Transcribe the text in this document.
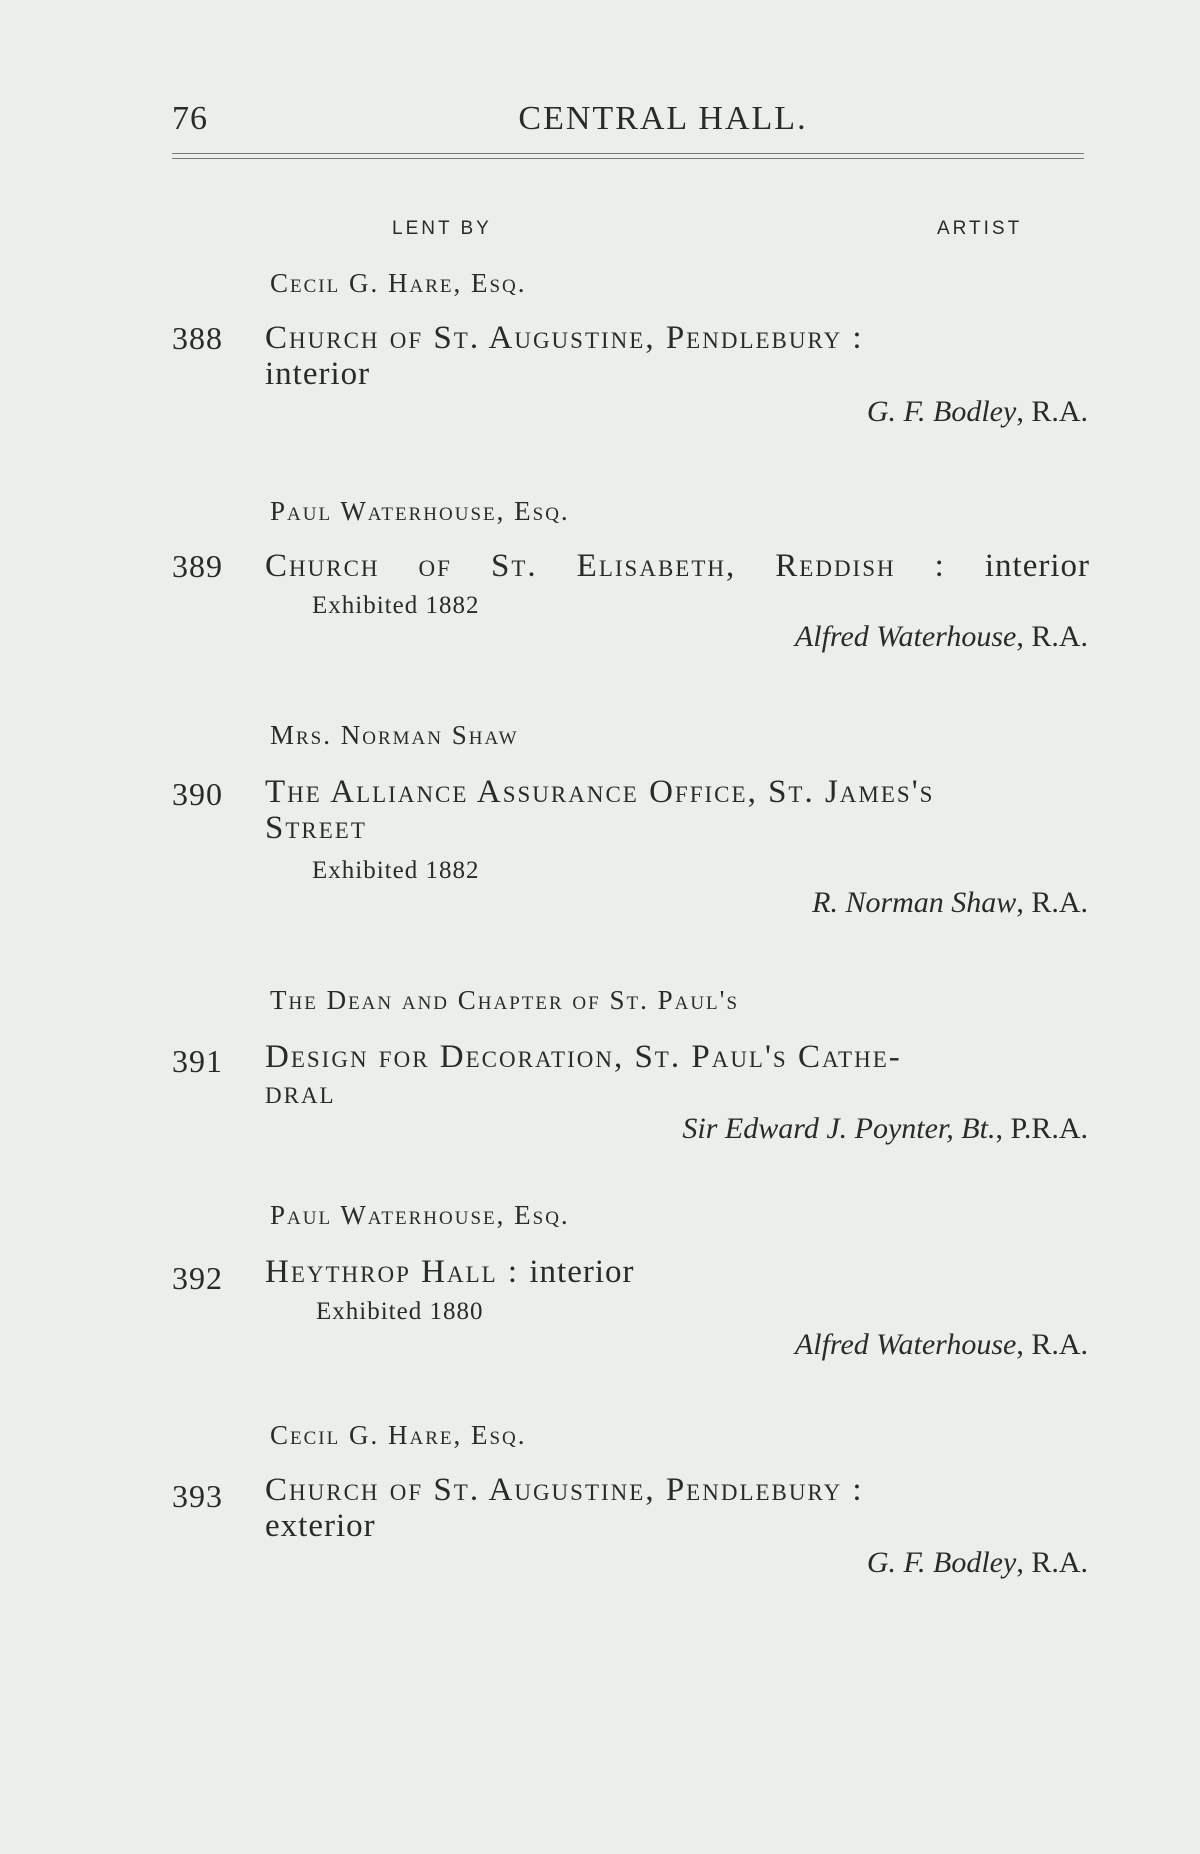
76	CENTRAL HALL.
LENT BY	ARTIST
Cecil G. Hare, Esq.
388 Church of St. Augustine, Pendlebury :
interior
G. F. Bodley, R.A.
Paul Waterhouse, Esq.
389 Church of St. Elisabeth, Reddish : interior
Exhibited 1882
Alfred Waterhouse, R.A.
Mrs. Norman Shaw
390 The Alliance Assurance Office, St. James's
Street
Exhibited 1882
R. Norman Shaw, R.A.
The Dean and Chapter of St. Paul's
391 Design for Decoration, St. Paul's Cathe-
dral
Sir Edward J. Poynter, Bt., P.R.A.
Paul Waterhouse, Esq.
392 Heythrop Hall : interior
Exhibited 1880
Alfred Waterhouse, R.A.
Cecil G. Hare, Esq.
393 Church of St. Augustine, Pendlebury :
exterior
G. F. Bodley, R.A.
